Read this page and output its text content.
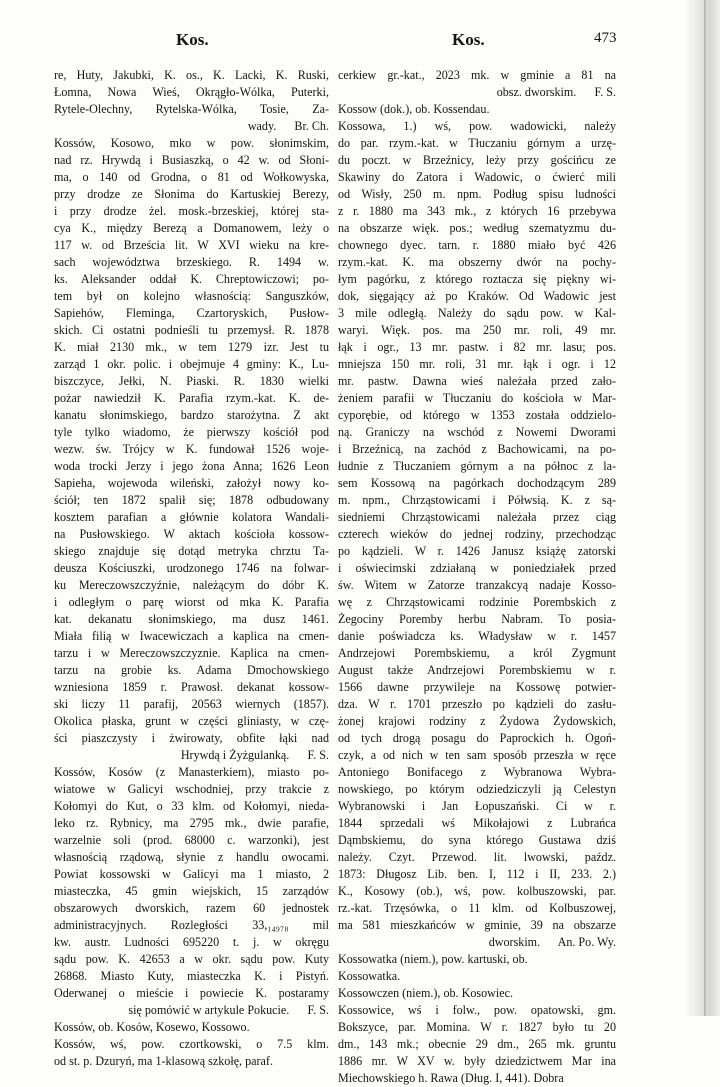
Kos.	Kos.	473
re, Huty, Jakubki, K. os., K. Lacki, K. Ruski,
Łomna, Nowa Wieś, Okrągło-Wólka, Puterki,
Rytele-Olechny, Rytelska-Wólka, Tosie, Za-
wady.   Br. Ch.
Kossów, Kosowo, mko w pow. słonimskim,
nad rz. Hrywdą i Busiaszką, o 42 w. od Słoni-
ma, o 140 od Grodna, o 81 od Wołkowyska,
przy drodze ze Słonima do Kartuskiej Berezy,
i przy drodze żel. mosk.-brzeskiej, której sta-
cya K., między Berezą a Domanowem, leży o
117 w. od Brześcia lit. W XVI wieku na kre-
sach województwa brzeskiego. R. 1494 w.
ks. Aleksander oddał K. Chreptowiczowi; po-
tem był on kolejno własnością: Sanguszków,
Sapiehów, Fleminga, Czartoryskich, Pusłow-
skich. Ci ostatni podnieśli tu przemysł. R. 1878
K. miał 2130 mk., w tem 1279 izr. Jest tu
zarząd 1 okr. polic. i obejmuje 4 gminy: K., Lu-
biszczyce, Jełki, N. Piaski. R. 1830 wielki
pożar nawiedził K. Parafia rzym.-kat. K. de-
kanatu słonimskiego, bardzo starożytna. Z akt
tyle tylko wiadomo, że pierwszy kościół pod
wezw. św. Trójcy w K. fundował 1526 woje-
woda trocki Jerzy i jego żona Anna; 1626 Leon
Sapieha, wojewoda wileński, założył nowy ko-
ściół; ten 1872 spalił się; 1878 odbudowany
kosztem parafian a głównie kolatora Wandali-
na Pusłowskiego. W aktach kościoła kossow-
skiego znajduje się dotąd metryka chrztu Ta-
deusza Kościuszki, urodzonego 1746 na folwar-
ku Mereczowszczyźnie, należącym do dóbr K.
i odległym o parę wiorst od mka K. Parafia
kat. dekanatu słonimskiego, ma dusz 1461.
Miała filią w Iwacewiczach a kaplica na cmen-
tarzu i w Mereczowszczyznie. Kaplica na cmen-
tarzu na grobie ks. Adama Dmochowskiego
wzniesiona 1859 r. Prawosł. dekanat kossow-
ski liczy 11 parafij, 20563 wiernych (1857).
Okolica płaska, grunt w części gliniasty, w czę-
ści piaszczysty i żwirowaty, obfite łąki nad
Hrywdą i Żyżgulanką.   F. S.
Kossów, Kosów (z Manasterkiem), miasto po-
wiatowe w Galicyi wschodniej, przy trakcie z
Kołomyi do Kut, o 33 klm. od Kołomyi, nieda-
leko rz. Rybnicy, ma 2795 mk., dwie parafie,
warzelnie soli (prod. 68000 c. warzonki), jest
własnością rządową, słynie z handlu owocami.
Powiat kossowski w Galicyi ma 1 miasto, 2
miasteczka, 45 gmin wiejskich, 15 zarządów
obszarowych dworskich, razem 60 jednostek
administracyjnych. Rozległości 33,₁₄₉₇₈ mil
kw. austr. Ludności 695220 t. j. w okręgu
sądu pow. K. 42653 a w okr. sądu pow. Kuty
26868. Miasto Kuty, miasteczka K. i Pistyń.
Oderwanej o mieście i powiecie K. postaramy
się pomówić w artykule Pokucie.   F. S.
Kossów, ob. Kosów, Kosewo, Kossowo.
Kossów, wś, pow. czortkowski, o 7.5 klm.
od st. p. Dzuryń, ma 1-klasową szkołę, paraf.
cerkiew gr.-kat., 2023 mk. w gminie a 81 na
obsz. dworskim.   F. S.
Kossow (dok.), ob. Kossendau.
Kossowa, 1.) wś, pow. wadowicki, należy
do par. rzym.-kat. w Tłuczaniu górnym a urzę-
du poczt. w Brzeźnicy, leży przy gościńcu ze
Skawiny do Zatora i Wadowic, o ćwierć mili
od Wisły, 250 m. npm. Podług spisu ludności
z r. 1880 ma 343 mk., z których 16 przebywa
na obszarze więk. pos.; według szematyzmu du-
chownego dyec. tarn. r. 1880 miało być 426
rzym.-kat. K. ma obszerny dwór na pochy-
łym pagórku, z którego roztacza się piękny wi-
dok, sięgający aż po Kraków. Od Wadowic jest
3 mile odległą. Należy do sądu pow. w Kal-
waryi. Więk. pos. ma 250 mr. roli, 49 mr.
łąk i ogr., 13 mr. pastw. i 82 mr. lasu; pos.
mniejsza 150 mr. roli, 31 mr. łąk i ogr. i 12
mr. pastw. Dawna wieś należała przed zało-
żeniem parafii w Tłuczaniu do kościoła w Mar-
cyporębie, od którego w 1353 została oddzielo-
ną. Graniczy na wschód z Nowemi Dworami
i Brzeźnicą, na zachód z Bachowicami, na po-
łudnie z Tłuczaniem górnym a na północ z la-
sem Kossową na pagórkach dochodzącym 289
m. npm., Chrząstowicami i Półwsią. K. z są-
siedniemi Chrząstowicami należała przez ciąg
czterech wieków do jednej rodziny, przechodząc
po kądzieli. W r. 1426 Janusz książę zatorski
i oświecimski zdziałaną w poniedziałek przed
św. Witem w Zatorze tranzakcyą nadaje Kosso-
wę z Chrząstowicami rodzinie Porembskich z
Żegociny Poremby herbu Nabram. To posia-
danie poświadcza ks. Władysław w r. 1457
Andrzejowi Porembskiemu, a król Zygmunt
August także Andrzejowi Porembskiemu w r.
1566 dawne przywileje na Kossowę potwier-
dza. W r. 1701 przeszło po kądzieli do zasłu-
żonej krajowi rodziny z Żydowa Żydowskich,
od tych drogą posagu do Paprockich h. Ogoń-
czyk, a od nich w ten sam sposób przeszła w ręce
Antoniego Bonifacego z Wybranowa Wybra-
nowskiego, po którym odziedziczyli ją Celestyn
Wybranowski i Jan Łopuszański. Ci w r.
1844 sprzedali wś Mikołajowi z Lubrańca
Dąmbskiemu, do syna którego Gustawa dziś
należy. Czyt. Przewod. lit. lwowski, paźdz.
1873: Długosz Lib. ben. I, 112 i II, 233. 2.)
K., Kosowy (ob.), wś, pow. kolbuszowski, par.
rz.-kat. Trzęsówka, o 11 klm. od Kolbuszowej,
ma 581 mieszkańców w gminie, 39 na obszarze
dworskim.   An. Po. Wy.
Kossowatka (niem.), pow. kartuski, ob.
Kossowatka.
Kossowczen (niem.), ob. Kosowiec.
Kossowice, wś i folw., pow. opatowski, gm.
Bokszyce, par. Momina. W r. 1827 było tu 20
dm., 143 mk.; obecnie 29 dm., 265 mk. gruntu
1886 mr. W XV w. były dziedzictwem Mar ina
Miechowskiego h. Rawa (Dług. I, 441). Dobra
